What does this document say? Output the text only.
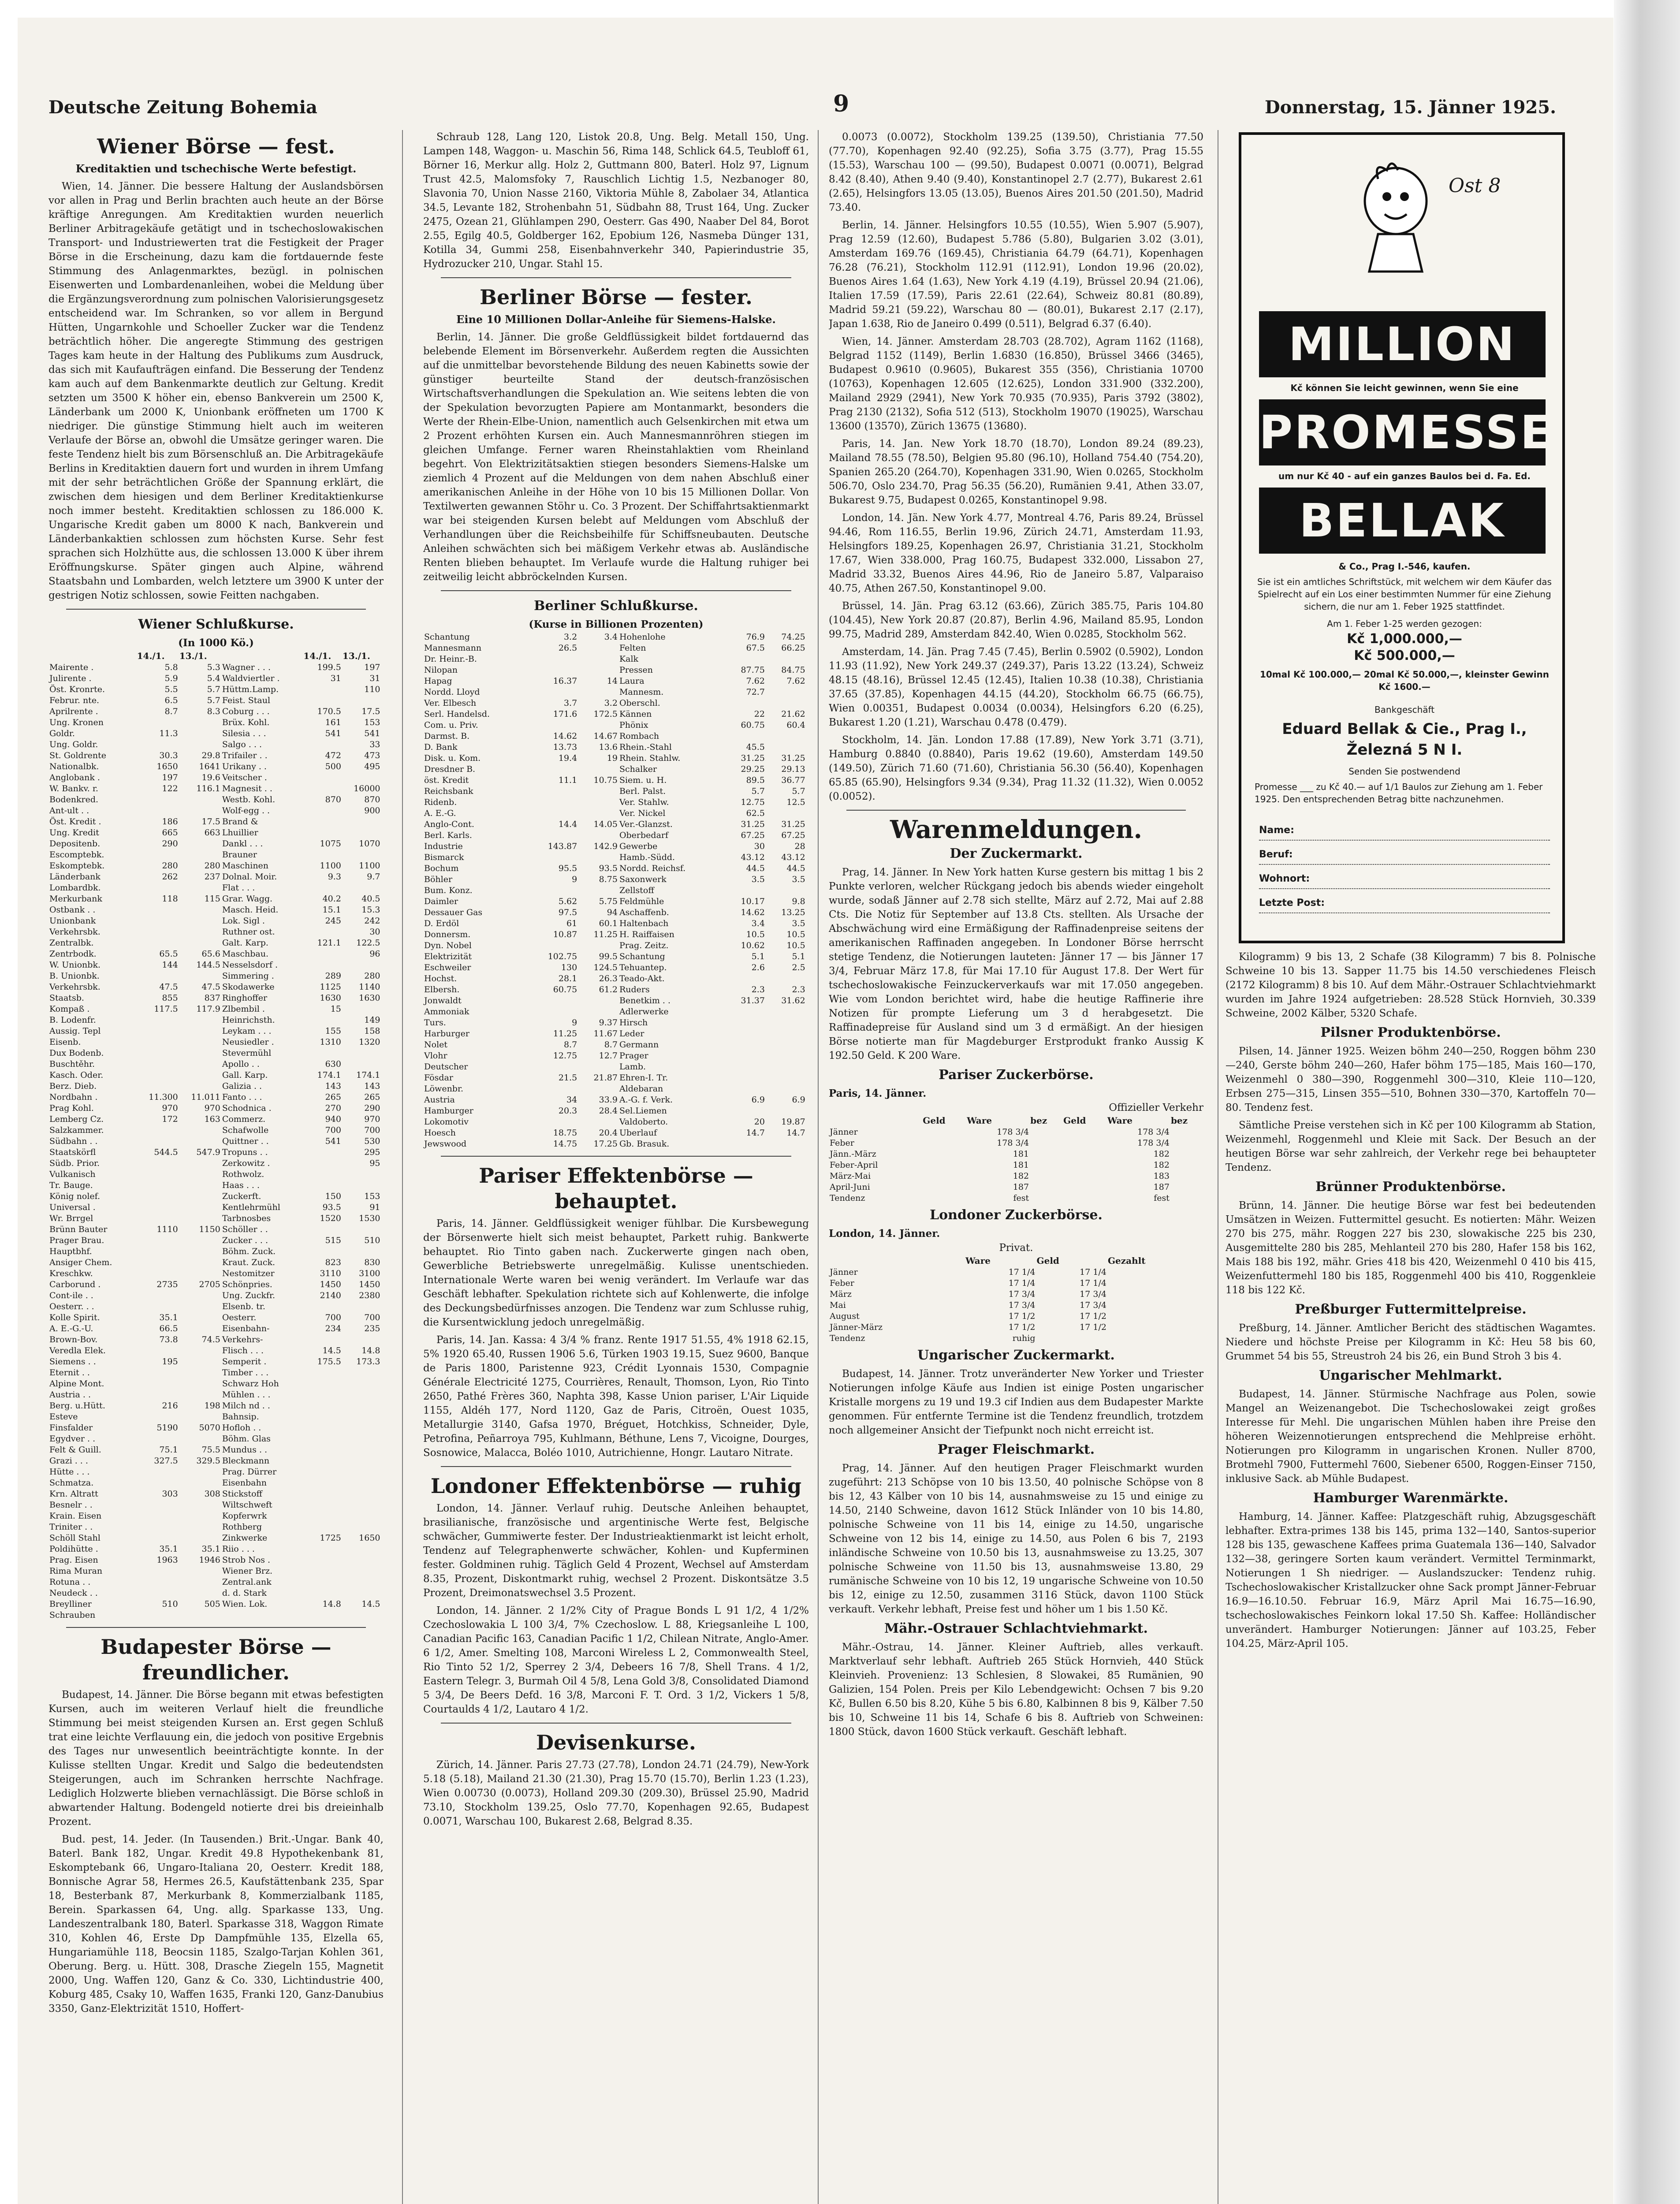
Deutsche Zeitung Bohemia	9	Donnerstag, 15. Jänner 1925.
Wiener Börse — fest.
Kreditaktien und tschechische Werte befestigt.

Wien, 14. Jänner. Die bessere Haltung der Auslandsbörsen vor allen in Prag und Berlin brachten auch heute an der Börse kräftige Anregungen. Am Kreditaktien wurden neuerlich Berliner Arbitragekäufe getätigt und in tschechoslowakischen Transport- und Industriewerten trat die Festigkeit der Prager Börse in die Erscheinung, dazu kam die fortdauernde feste Stimmung des Anlagenmarktes, bezügl. in polnischen Eisenwerten und Lombardenanleihen, wobei die Meldung über die Ergänzungsverordnung zum polnischen Valorisierungsgesetz entscheidend war. Im Schranken, so vor allem in Bergund Hütten, Ungarnkohle und Schoeller Zucker war die Tendenz beträchtlich höher. Die angeregte Stimmung des gestrigen Tages kam heute in der Haltung des Publikums zum Ausdruck, das sich mit Kaufaufträgen einfand. Die Besserung der Tendenz kam auch auf dem Bankenmarkte deutlich zur Geltung. Kredit setzten um 3500 K höher ein, ebenso Bankverein um 2500 K, Länderbank um 2000 K, Unionbank eröffneten um 1700 K niedriger. Die günstige Stimmung hielt auch im weiteren Verlaufe der Börse an, obwohl die Umsätze geringer waren. Die feste Tendenz hielt bis zum Börsenschluß an. Die Arbitragekäufe Berlins in Kreditaktien dauern fort und wurden in ihrem Umfang mit der sehr beträchtlichen Größe der Spannung erklärt, die zwischen dem hiesigen und dem Berliner Kreditaktienkurse noch immer besteht. Kreditaktien schlossen zu 186.000 K. Ungarische Kredit gaben um 8000 K nach, Bankverein und Länderbankaktien schlossen zum höchsten Kurse. Sehr fest sprachen sich Holzhütte aus, die schlossen 13.000 K über ihrem Eröffnungskurse. Später gingen auch Alpine, während Staatsbahn und Lombarden, welch letztere um 3900 K unter der gestrigen Notiz schlossen, sowie Feitten nachgaben.

Wiener Schlußkurse.
(In 1000 Kö.)
	14./1.	13./1.		14./1.	13./1.	
Mairente .	5.8	5.3	Wagner . . .	199.5	197	
Julirente .	5.9	5.4	Waldviertler .	31	31	
Öst. Kronrte.	5.5	5.7	Hüttm.Lamp.		110	
Februr. nte.	6.5	5.7	Feist. Staul			
Aprilrente .	8.7	8.3	Coburg . . .	170.5	17.5	
Ung. Kronen			Brüx. Kohl.	161	153	
Goldr.	11.3		Silesia . . .	541	541	
Ung. Goldr.			Salgo . . .		33	
St. Goldrente	30.3	29.8	Trifailer . .	472	473	
Nationalbk.	1650	1641	Urikany . .	500	495	
Anglobank .	197	19.6	Veitscher .			
W. Bankv. r.	122	116.1	Magnesit . .		16000	
Bodenkred.			Westb. Kohl.	870	870	
Ant-ult . .			Wolf-egg . .		900	
Öst. Kredit .	186	17.5	Brand &			
Ung. Kredit	665	663	Lhuillier			
Depositenb.	290		Dankl . . .	1075	1070	
Escomptebk.			Brauner			
Eskomptebk.	280	280	Maschinen	1100	1100	
Länderbank	262	237	Dolnal. Moir.	9.3	9.7	
Lombardbk.			Flat . . .			
Merkurbank	118	115	Grar. Wagg.	40.2	40.5	
Ostbank . .			Masch. Heid.	15.1	15.3	
Unionbank			Lok. Sigl .	245	242	
Verkehrsbk.			Ruthner ost.		30	
Zentralbk.			Galt. Karp.	121.1	122.5	
Zentrbodk.	65.5	65.6	Maschbau.		96	
W. Unionbk.	144	144.5	Nesselsdorf .			
B. Unionbk.			Simmering .	289	280	
Verkehrsbk.	47.5	47.5	Skodawerke	1125	1140	
Staatsb.	855	837	Ringhoffer	1630	1630	
Kompaß .	117.5	117.9	Zlbembil .	15		
B. Lodenfr.			Heinrichsth.		149	
Aussig. Tepl			Leykam . . .	155	158	
Eisenb.			Neusiedler .	1310	1320	
Dux Bodenb.			Stevermühl			
Buschtěhr.			Apollo . .	630		
Kasch. Oder.			Gall. Karp.	174.1	174.1	
Berz. Dieb.			Galizia . .	143	143	
Nordbahn .	11.300	11.011	Fanto . . .	265	265	
Prag Kohl.	970	970	Schodnica .	270	290	
Lemberg Cz.	172	163	Commerz.	940	970	
Salzkammer.			Schafwolle	700	700	
Südbahn . .			Quittner . .	541	530	
Staatskörfl	544.5	547.9	Tropuns . .		295	
Südb. Prior.			Zerkowitz .		95	
Vulkanisch			Rothwolz.			
Tr. Bauge.			Haas . . .			
König nolef.			Zuckerft.	150	153	
Universal .			Kentlehrmühl	93.5	91	
Wr. Brrgel			Tarbnosbes	1520	1530	
Brünn Bauter	1110	1150	Schöller . .			
Prager Brau.			Zucker . . .	515	510	
Hauptbhf.			Böhm. Zuck.			
Ansiger Chem.			Kraut. Zuck.	823	830	
Kreschkw.			Nestomitzer	3110	3100	
Carborund .	2735	2705	Schönpries.	1450	1450	
Cont-ile . .			Ung. Zuckfr.	2140	2380	
Oesterr. . .			Elsenb. tr.			
Kolle Spirit.	35.1		Oesterr.	700	700	
A. E.-G.-U.	66.5		Eisenbahn-	234	235	
Brown-Bov.	73.8	74.5	Verkehrs-			
Veredla Elek.			Flisch . . .	14.5	14.8	
Siemens . .	195		Semperit .	175.5	173.3	
Eternit . .			Timber . . .			
Alpine Mont.			Schwarz Hoh			
Austria . .			Mühlen . . .			
Berg. u.Hütt.	216	198	Milch nd . .			
Esteve			Bahnsip.			
Finsfalder	5190	5070	Hofloh . .			
Egydver . .			Böhm. Glas			
Felt & Guill.	75.1	75.5	Mundus . .			
Grazi . . .	327.5	329.5	Bleckmann			
Hütte . . .			Prag. Dürrer			
Schmatza.			Eisenbahn			
Krn. Altratt	303	308	Stickstoff			
Besnelr . .			Wiltschweft			
Krain. Eisen			Kopferwrk			
Triniter . .			Rothberg			
Schöll Stahl			Zinkwerke	1725	1650	
Poldihütte .	35.1	35.1	Riio . . .			
Prag. Eisen	1963	1946	Strob Nos .			
Rima Muran			Wiener Brz.			
Rotuna . .			Zentral.ank			
Neudeck . .			d. d. Stark			
Breylliner	510	505	Wien. Lok.	14.8	14.5	
Schrauben						
Budapester Börse — freundlicher.

Budapest, 14. Jänner. Die Börse begann mit etwas befestigten Kursen, auch im weiteren Verlauf hielt die freundliche Stimmung bei meist steigenden Kursen an. Erst gegen Schluß trat eine leichte Verflauung ein, die jedoch von positive Ergebnis des Tages nur unwesentlich beeinträchtigte konnte. In der Kulisse stellten Ungar. Kredit und Salgo die bedeutendsten Steigerungen, auch im Schranken herrschte Nachfrage. Lediglich Holzwerte blieben vernachlässigt. Die Börse schloß in abwartender Haltung. Bodengeld notierte drei bis dreieinhalb Prozent.

Bud. pest, 14. Jeder. (In Tausenden.) Brit.-Ungar. Bank 40, Baterl. Bank 182, Ungar. Kredit 49.8 Hypothekenbank 81, Eskomptebank 66, Ungaro-Italiana 20, Oesterr. Kredit 188, Bonnische Agrar 58, Hermes 26.5, Kaufstättenbank 235, Spar 18, Besterbank 87, Merkurbank 8, Kommerzialbank 1185, Berein. Sparkassen 64, Ung. allg. Sparkasse 133, Ung. Landeszentralbank 180, Baterl. Sparkasse 318, Waggon Rimate 310, Kohlen 46, Erste Dp Dampfmühle 135, Elzella 65, Hungariamühle 118, Beocsin 1185, Szalgo-Tarjan Kohlen 361, Oberung. Berg. u. Hütt. 308, Drasche Ziegeln 155, Magnetit 2000, Ung. Waffen 120, Ganz & Co. 330, Lichtindustrie 400, Koburg 485, Csaky 10, Waffen 1635, Franki 120, Ganz-Danubius 3350, Ganz-Elektrizität 1510, Hoffert-

Schraub 128, Lang 120, Listok 20.8, Ung. Belg. Metall 150, Ung. Lampen 148, Waggon- u. Maschin 56, Rima 148, Schlick 64.5, Teubloff 61, Börner 16, Merkur allg. Holz 2, Guttmann 800, Baterl. Holz 97, Lignum Trust 42.5, Malomsfoky 7, Rauschlich Lichtig 1.5, Nezbanoger 80, Slavonia 70, Union Nasse 2160, Viktoria Mühle 8, Zabolaer 34, Atlantica 34.5, Levante 182, Strohenbahn 51, Südbahn 88, Trust 164, Ung. Zucker 2475, Ozean 21, Glühlampen 290, Oesterr. Gas 490, Naaber Del 84, Borot 2.55, Egilg 40.5, Goldberger 162, Epobium 126, Nasmeba Dünger 131, Kotilla 34, Gummi 258, Eisenbahnverkehr 340, Papierindustrie 35, Hydrozucker 210, Ungar. Stahl 15.

Berliner Börse — fester.
Eine 10 Millionen Dollar-Anleihe für Siemens-Halske.

Berlin, 14. Jänner. Die große Geldflüssigkeit bildet fortdauernd das belebende Element im Börsenverkehr. Außerdem regten die Aussichten auf die unmittelbar bevorstehende Bildung des neuen Kabinetts sowie der günstiger beurteilte Stand der deutsch-französischen Wirtschaftsverhandlungen die Spekulation an. Wie seitens lebten die von der Spekulation bevorzugten Papiere am Montanmarkt, besonders die Werte der Rhein-Elbe-Union, namentlich auch Gelsenkirchen mit etwa um 2 Prozent erhöhten Kursen ein. Auch Mannesmannröhren stiegen im gleichen Umfange. Ferner waren Rheinstahlaktien vom Rheinland begehrt. Von Elektrizitätsaktien stiegen besonders Siemens-Halske um ziemlich 4 Prozent auf die Meldungen von dem nahen Abschluß einer amerikanischen Anleihe in der Höhe von 10 bis 15 Millionen Dollar. Von Textilwerten gewannen Stöhr u. Co. 3 Prozent. Der Schiffahrtsaktienmarkt war bei steigenden Kursen belebt auf Meldungen vom Abschluß der Verhandlungen über die Reichsbeihilfe für Schiffsneubauten. Deutsche Anleihen schwächten sich bei mäßigem Verkehr etwas ab. Ausländische Renten blieben behauptet. Im Verlaufe wurde die Haltung ruhiger bei zeitweilig leicht abbröckelnden Kursen.

Berliner Schlußkurse.
(Kurse in Billionen Prozenten)
Schantung	3.2	3.4	Hohenlohe	76.9	74.25	
Mannesmann	26.5		Felten	67.5	66.25	
Dr. Heinr.-B.			Kalk			
Nilopan			Pressen	87.75	84.75	
Hapag	16.37	14	Laura	7.62	7.62	
Nordd. Lloyd			Mannesm.	72.7		
Ver. Elbesch	3.7	3.2	Oberschl.			
Serl. Handelsd.	171.6	172.5	Kännen	22	21.62	
Com. u. Priv.			Phönix	60.75	60.4	
Darmst. B.	14.62	14.67	Rombach			
D. Bank	13.73	13.6	Rhein.-Stahl	45.5		
Disk. u. Kom.	19.4	19	Rhein. Stahlw.	31.25	31.25	
Dresdner B.			Schalker	29.25	29.13	
öst. Kredit	11.1	10.75	Siem. u. H.	89.5	36.77	
Reichsbank			Berl. Palst.	5.7	5.7	
Ridenb.			Ver. Stahlw.	12.75	12.5	
A. E.-G.			Ver. Nickel	62.5		
Anglo-Cont.	14.4	14.05	Ver.-Glanzst.	31.25	31.25	
Berl. Karls.			Oberbedarf	67.25	67.25	
Industrie	143.87	142.9	Gewerbe	30	28	
Bismarck			Hamb.-Südd.	43.12	43.12	
Bochum	95.5	93.5	Nordd. Reichsf.	44.5	44.5	
Böhler	9	8.75	Saxonwerk	3.5	3.5	
Bum. Konz.			Zellstoff			
Daimler	5.62	5.75	Feldmühle	10.17	9.8	
Dessauer Gas	97.5	94	Aschaffenb.	14.62	13.25	
D. Erdöl	61	60.1	Haltenbach	3.4	3.5	
Donnersm.	10.87	11.25	H. Raiffaisen	10.5	10.5	
Dyn. Nobel			Prag. Zeitz.	10.62	10.5	
Elektrizität	102.75	99.5	Schantung	5.1	5.1	
Eschweiler	130	124.5	Tehuantep.	2.6	2.5	
Hochst.	28.1	26.3	Teado-Akt.			
Elbersh.	60.75	61.2	Ruders	2.3	2.3	
Jonwaldt			Benetkim . .	31.37	31.62	
Ammoniak			Adlerwerke			
Turs.	9	9.37	Hirsch			
Harburger	11.25	11.67	Leder			
Nolet	8.7	8.7	Germann			
Vlohr	12.75	12.7	Prager			
Deutscher			Lamb.			
Fösdar	21.5	21.87	Ehren-I. Tr.			
Löwenbr.			Aldebaran			
Austria	34	33.9	A.-G. f. Verk.	6.9	6.9	
Hamburger	20.3	28.4	Sel.Liemen			
Lokomotiv			Valdoberto.	20	19.87	
Hoesch	18.75	20.4	Uberlauf	14.7	14.7	
Jewswood	14.75	17.25	Gb. Brasuk.			
Pariser Effektenbörse — behauptet.

Paris, 14. Jänner. Geldflüssigkeit weniger fühlbar. Die Kursbewegung der Börsenwerte hielt sich meist behauptet, Parkett ruhig. Bankwerte behauptet. Rio Tinto gaben nach. Zuckerwerte gingen nach oben, Gewerbliche Betriebswerte unregelmäßig. Kulisse unentschieden. Internationale Werte waren bei wenig verändert. Im Verlaufe war das Geschäft lebhafter. Spekulation richtete sich auf Kohlenwerte, die infolge des Deckungsbedürfnisses anzogen. Die Tendenz war zum Schlusse ruhig, die Kursentwicklung jedoch unregelmäßig.

Paris, 14. Jan. Kassa: 4 3/4 % franz. Rente 1917 51.55, 4% 1918 62.15, 5% 1920 65.40, Russen 1906 5.6, Türken 1903 19.15, Suez 9600, Banque de Paris 1800, Paristenne 923, Crédit Lyonnais 1530, Compagnie Générale Electricité 1275, Courrières, Renault, Thomson, Lyon, Rio Tinto 2650, Pathé Frères 360, Naphta 398, Kasse Union pariser, L'Air Liquide 1155, Aldéh 177, Nord 1120, Gaz de Paris, Citroën, Ouest 1035, Metallurgie 3140, Gafsa 1970, Bréguet, Hotchkiss, Schneider, Dyle, Petrofina, Peñarroya 795, Kuhlmann, Béthune, Lens 7, Vicoigne, Dourges, Sosnowice, Malacca, Boléo 1010, Autrichienne, Hongr. Lautaro Nitrate.

Londoner Effektenbörse — ruhig

London, 14. Jänner. Verlauf ruhig. Deutsche Anleihen behauptet, brasilianische, französische und argentinische Werte fest, Belgische schwächer, Gummiwerte fester. Der Industrieaktienmarkt ist leicht erholt, Tendenz auf Telegraphenwerte schwächer, Kohlen- und Kupferminen fester. Goldminen ruhig. Täglich Geld 4 Prozent, Wechsel auf Amsterdam 8.35, Prozent, Diskontmarkt ruhig, wechsel 2 Prozent. Diskontsätze 3.5 Prozent, Dreimonatswechsel 3.5 Prozent.

London, 14. Jänner. 2 1/2% City of Prague Bonds L 91 1/2, 4 1/2% Czechoslowakia L 100 3/4, 7% Czechoslow. L 88, Kriegsanleihe L 100, Canadian Pacific 163, Canadian Pacific 1 1/2, Chilean Nitrate, Anglo-Amer. 6 1/2, Amer. Smelting 108, Marconi Wireless L 2, Commonwealth Steel, Rio Tinto 52 1/2, Sperrey 2 3/4, Debeers 16 7/8, Shell Trans. 4 1/2, Eastern Telegr. 3, Burmah Oil 4 5/8, Lena Gold 3/8, Consolidated Diamond 5 3/4, De Beers Defd. 16 3/8, Marconi F. T. Ord. 3 1/2, Vickers 1 5/8, Courtaulds 4 1/2, Lautaro 4 1/2.

Devisenkurse.

Zürich, 14. Jänner. Paris 27.73 (27.78), London 24.71 (24.79), New-York 5.18 (5.18), Mailand 21.30 (21.30), Prag 15.70 (15.70), Berlin 1.23 (1.23), Wien 0.00730 (0.0073), Holland 209.30 (209.30), Brüssel 25.90, Madrid 73.10, Stockholm 139.25, Oslo 77.70, Kopenhagen 92.65, Budapest 0.0071, Warschau 100, Bukarest 2.68, Belgrad 8.35.

0.0073 (0.0072), Stockholm 139.25 (139.50), Christiania 77.50 (77.70), Kopenhagen 92.40 (92.25), Sofia 3.75 (3.77), Prag 15.55 (15.53), Warschau 100 — (99.50), Budapest 0.0071 (0.0071), Belgrad 8.42 (8.40), Athen 9.40 (9.40), Konstantinopel 2.7 (2.77), Bukarest 2.61 (2.65), Helsingfors 13.05 (13.05), Buenos Aires 201.50 (201.50), Madrid 73.40.

Berlin, 14. Jänner. Helsingfors 10.55 (10.55), Wien 5.907 (5.907), Prag 12.59 (12.60), Budapest 5.786 (5.80), Bulgarien 3.02 (3.01), Amsterdam 169.76 (169.45), Christiania 64.79 (64.71), Kopenhagen 76.28 (76.21), Stockholm 112.91 (112.91), London 19.96 (20.02), Buenos Aires 1.64 (1.63), New York 4.19 (4.19), Brüssel 20.94 (21.06), Italien 17.59 (17.59), Paris 22.61 (22.64), Schweiz 80.81 (80.89), Madrid 59.21 (59.22), Warschau 80 — (80.01), Bukarest 2.17 (2.17), Japan 1.638, Rio de Janeiro 0.499 (0.511), Belgrad 6.37 (6.40).

Wien, 14. Jänner. Amsterdam 28.703 (28.702), Agram 1162 (1168), Belgrad 1152 (1149), Berlin 1.6830 (16.850), Brüssel 3466 (3465), Budapest 0.9610 (0.9605), Bukarest 355 (356), Christiania 10700 (10763), Kopenhagen 12.605 (12.625), London 331.900 (332.200), Mailand 2929 (2941), New York 70.935 (70.935), Paris 3792 (3802), Prag 2130 (2132), Sofia 512 (513), Stockholm 19070 (19025), Warschau 13600 (13570), Zürich 13675 (13680).

Paris, 14. Jan. New York 18.70 (18.70), London 89.24 (89.23), Mailand 78.55 (78.50), Belgien 95.80 (96.10), Holland 754.40 (754.20), Spanien 265.20 (264.70), Kopenhagen 331.90, Wien 0.0265, Stockholm 506.70, Oslo 234.70, Prag 56.35 (56.20), Rumänien 9.41, Athen 33.07, Bukarest 9.75, Budapest 0.0265, Konstantinopel 9.98.

London, 14. Jän. New York 4.77, Montreal 4.76, Paris 89.24, Brüssel 94.46, Rom 116.55, Berlin 19.96, Zürich 24.71, Amsterdam 11.93, Helsingfors 189.25, Kopenhagen 26.97, Christiania 31.21, Stockholm 17.67, Wien 338.000, Prag 160.75, Budapest 332.000, Lissabon 27, Madrid 33.32, Buenos Aires 44.96, Rio de Janeiro 5.87, Valparaiso 40.75, Athen 267.50, Konstantinopel 9.00.

Brüssel, 14. Jän. Prag 63.12 (63.66), Zürich 385.75, Paris 104.80 (104.45), New York 20.87 (20.87), Berlin 4.96, Mailand 85.95, London 99.75, Madrid 289, Amsterdam 842.40, Wien 0.0285, Stockholm 562.

Amsterdam, 14. Jän. Prag 7.45 (7.45), Berlin 0.5902 (0.5902), London 11.93 (11.92), New York 249.37 (249.37), Paris 13.22 (13.24), Schweiz 48.15 (48.16), Brüssel 12.45 (12.45), Italien 10.38 (10.38), Christiania 37.65 (37.85), Kopenhagen 44.15 (44.20), Stockholm 66.75 (66.75), Wien 0.00351, Budapest 0.0034 (0.0034), Helsingfors 6.20 (6.25), Bukarest 1.20 (1.21), Warschau 0.478 (0.479).

Stockholm, 14. Jän. London 17.88 (17.89), New York 3.71 (3.71), Hamburg 0.8840 (0.8840), Paris 19.62 (19.60), Amsterdam 149.50 (149.50), Zürich 71.60 (71.60), Christiania 56.30 (56.40), Kopenhagen 65.85 (65.90), Helsingfors 9.34 (9.34), Prag 11.32 (11.32), Wien 0.0052 (0.0052).

Warenmeldungen.
Der Zuckermarkt.

Prag, 14. Jänner. In New York hatten Kurse gestern bis mittag 1 bis 2 Punkte verloren, welcher Rückgang jedoch bis abends wieder eingeholt wurde, sodaß Jänner auf 2.78 sich stellte, März auf 2.72, Mai auf 2.88 Cts. Die Notiz für September auf 13.8 Cts. stellten. Als Ursache der Abschwächung wird eine Ermäßigung der Raffinadenpreise seitens der amerikanischen Raffinaden angegeben. In Londoner Börse herrscht stetige Tendenz, die Notierungen lauteten: Jänner 17 — bis Jänner 17 3/4, Februar März 17.8, für Mai 17.10 für August 17.8. Der Wert für tschechoslowakische Feinzuckerverkaufs war mit 17.050 angegeben. Wie vom London berichtet wird, habe die heutige Raffinerie ihre Notizen für prompte Lieferung um 3 d herabgesetzt. Die Raffinadepreise für Ausland sind um 3 d ermäßigt. An der hiesigen Börse notierte man für Magdeburger Erstprodukt franko Aussig K 192.50 Geld. K 200 Ware.

Pariser Zuckerbörse.
Paris, 14. Jänner.
Offizieller Verkehr
	Geld	Ware	bez	Geld	Ware	bez
Jänner		178 3/4			178 3/4	
Feber		178 3/4			178 3/4	
Jänn.-März		181			182	
Feber-April		181			182	
März-Mai		182			183	
April-Juni		187			187	
Tendenz		fest			fest	
Londoner Zuckerbörse.
London, 14. Jänner.
Privat.
	Ware	Geld	Gezahlt
Jänner	17 1/4	17 1/4	
Feber	17 1/4	17 1/4	
März	17 3/4	17 3/4	
Mai	17 3/4	17 3/4	
August	17 1/2	17 1/2	
Jänner-März	17 1/2	17 1/2	
Tendenz	ruhig		
Ungarischer Zuckermarkt.

Budapest, 14. Jänner. Trotz unveränderter New Yorker und Triester Notierungen infolge Käufe aus Indien ist einige Posten ungarischer Kristalle morgens zu 19 und 19.3 cif Indien aus dem Budapester Markte genommen. Für entfernte Termine ist die Tendenz freundlich, trotzdem noch allgemeiner Ansicht der Tiefpunkt noch nicht erreicht ist.

Prager Fleischmarkt.

Prag, 14. Jänner. Auf den heutigen Prager Fleischmarkt wurden zugeführt: 213 Schöpse von 10 bis 13.50, 40 polnische Schöpse von 8 bis 12, 43 Kälber von 10 bis 14, ausnahmsweise zu 15 und einige zu 14.50, 2140 Schweine, davon 1612 Stück Inländer von 10 bis 14.80, polnische Schweine von 11 bis 14, einige zu 14.50, ungarische Schweine von 12 bis 14, einige zu 14.50, aus Polen 6 bis 7, 2193 inländische Schweine von 10.50 bis 13, ausnahmsweise zu 13.25, 307 polnische Schweine von 11.50 bis 13, ausnahmsweise 13.80, 29 rumänische Schweine von 10 bis 12, 19 ungarische Schweine von 10.50 bis 12, einige zu 12.50, zusammen 3116 Stück, davon 1100 Stück verkauft. Verkehr lebhaft, Preise fest und höher um 1 bis 1.50 Kč.

Mähr.-Ostrauer Schlachtviehmarkt.

Mähr.-Ostrau, 14. Jänner. Kleiner Auftrieb, alles verkauft. Marktverlauf sehr lebhaft. Auftrieb 265 Stück Hornvieh, 440 Stück Kleinvieh. Provenienz: 13 Schlesien, 8 Slowakei, 85 Rumänien, 90 Galizien, 154 Polen. Preis per Kilo Lebendgewicht: Ochsen 7 bis 9.20 Kč, Bullen 6.50 bis 8.20, Kühe 5 bis 6.80, Kalbinnen 8 bis 9, Kälber 7.50 bis 10, Schweine 11 bis 14, Schafe 6 bis 8. Auftrieb von Schweinen: 1800 Stück, davon 1600 Stück verkauft. Geschäft lebhaft.

Kilogramm) 9 bis 13, 2 Schafe (38 Kilogramm) 7 bis 8. Polnische Schweine 10 bis 13. Sapper 11.75 bis 14.50 verschiedenes Fleisch (2172 Kilogramm) 8 bis 10. Auf dem Mähr.-Ostrauer Schlachtviehmarkt wurden im Jahre 1924 aufgetrieben: 28.528 Stück Hornvieh, 30.339 Schweine, 2002 Kälber, 5320 Schafe.

Pilsner Produktenbörse.

Pilsen, 14. Jänner 1925. Weizen böhm 240—250, Roggen böhm 230—240, Gerste böhm 240—260, Hafer böhm 175—185, Mais 160—170, Weizenmehl 0 380—390, Roggenmehl 300—310, Kleie 110—120, Erbsen 275—315, Linsen 355—510, Bohnen 330—370, Kartoffeln 70—80. Tendenz fest.

Sämtliche Preise verstehen sich in Kč per 100 Kilogramm ab Station, Weizenmehl, Roggenmehl und Kleie mit Sack. Der Besuch an der heutigen Börse war sehr zahlreich, der Verkehr rege bei behaupteter Tendenz.

Brünner Produktenbörse.

Brünn, 14. Jänner. Die heutige Börse war fest bei bedeutenden Umsätzen in Weizen. Futtermittel gesucht. Es notierten: Mähr. Weizen 270 bis 275, mähr. Roggen 227 bis 230, slowakische 225 bis 230, Ausgemittelte 280 bis 285, Mehlanteil 270 bis 280, Hafer 158 bis 162, Mais 188 bis 192, mähr. Gries 418 bis 420, Weizenmehl 0 410 bis 415, Weizenfuttermehl 180 bis 185, Roggenmehl 400 bis 410, Roggenkleie 118 bis 122 Kč.

Preßburger Futtermittelpreise.

Preßburg, 14. Jänner. Amtlicher Bericht des städtischen Wagamtes. Niedere und höchste Preise per Kilogramm in Kč: Heu 58 bis 60, Grummet 54 bis 55, Streustroh 24 bis 26, ein Bund Stroh 3 bis 4.

Ungarischer Mehlmarkt.

Budapest, 14. Jänner. Stürmische Nachfrage aus Polen, sowie Mangel an Weizenangebot. Die Tschechoslowakei zeigt großes Interesse für Mehl. Die ungarischen Mühlen haben ihre Preise den höheren Weizennotierungen entsprechend die Mehlpreise erhöht. Notierungen pro Kilogramm in ungarischen Kronen. Nuller 8700, Brotmehl 7900, Futtermehl 7600, Siebener 6500, Roggen-Einser 7150, inklusive Sack. ab Mühle Budapest.

Hamburger Warenmärkte.

Hamburg, 14. Jänner. Kaffee: Platzgeschäft ruhig, Abzugsgeschäft lebhafter. Extra-primes 138 bis 145, prima 132—140, Santos-superior 128 bis 135, gewaschene Kaffees prima Guatemala 136—140, Salvador 132—38, geringere Sorten kaum verändert. Vermittel Terminmarkt, Notierungen 1 Sh niedriger. — Auslandszucker: Tendenz ruhig. Tschechoslowakischer Kristallzucker ohne Sack prompt Jänner-Februar 16.9—16.10.50. Februar 16.9, März April Mai 16.75—16.90, tschechoslowakisches Feinkorn lokal 17.50 Sh. Kaffee: Holländischer unverändert. Hamburger Notierungen: Jänner auf 103.25, Feber 104.25, März-April 105.

Ost 8
MILLION
Kč können Sie leicht gewinnen, wenn Sie eine
PROMESSE
um nur Kč 40 - auf ein ganzes Baulos bei d. Fa. Ed.
BELLAK
& Co., Prag I.-546, kaufen.
Sie ist ein amtliches Schriftstück, mit welchem wir dem Käufer das Spielrecht auf ein Los einer bestimmten Nummer für eine Ziehung sichern, die nur am 1. Feber 1925 stattfindet.
Am 1. Feber 1-25 werden gezogen:
Kč 1,000.000,—
Kč 500.000,—
10mal Kč 100.000,— 20mal Kč 50.000,—, kleinster Gewinn Kč 1600.—
Bankgeschäft
Eduard Bellak & Cie., Prag I.,
Železná 5 N I.
Senden Sie postwendend
Promesse ___ zu Kč 40.— auf 1/1 Baulos zur Ziehung am 1. Feber 1925. Den entsprechenden Betrag bitte nachzunehmen.
Name:
Beruf:
Wohnort:
Letzte Post:
